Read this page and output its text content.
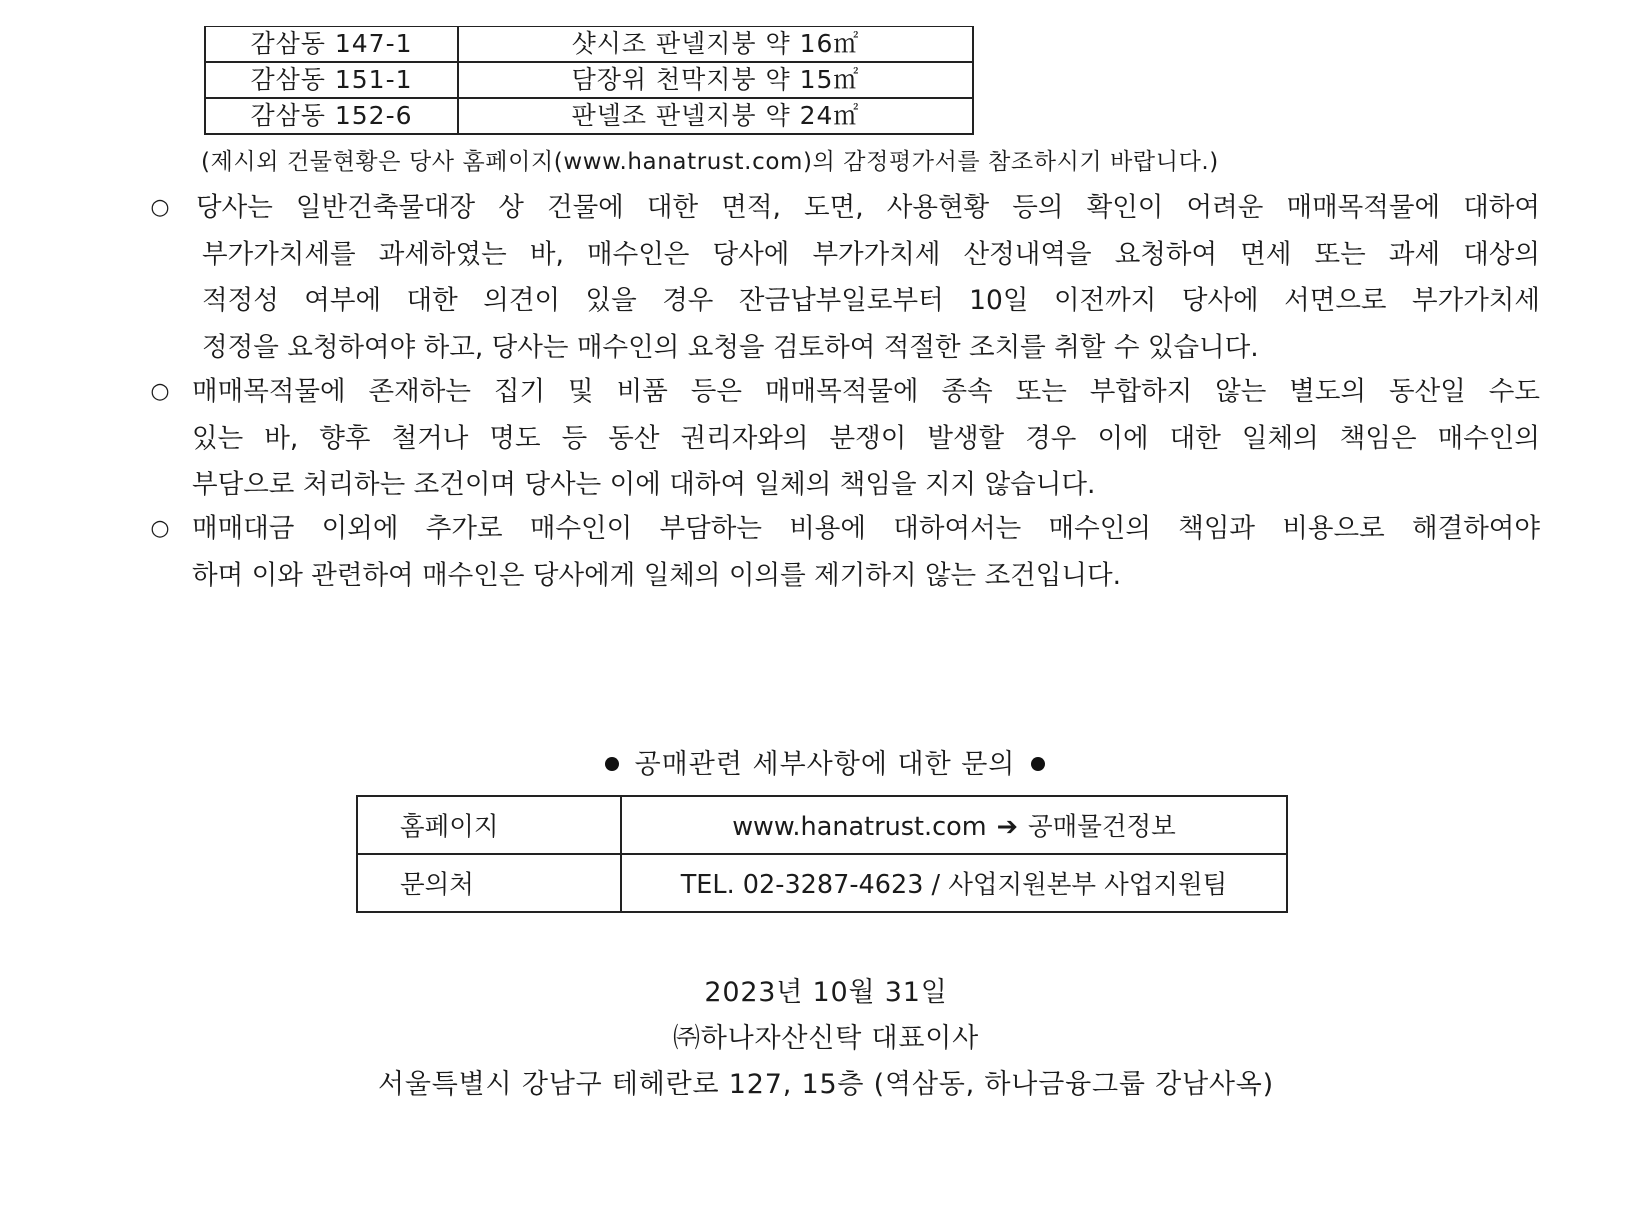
감삼동 147-1	샷시조 판넬지붕 약 16㎡
감삼동 151-1	담장위 천막지붕 약 15㎡
감삼동 152-6	판넬조 판넬지붕 약 24㎡
(제시외 건물현황은 당사 홈페이지(www.hanatrust.com)의 감정평가서를 참조하시기 바랍니다.)
○ 당사는 일반건축물대장 상 건물에 대한 면적, 도면, 사용현황 등의 확인이 어려운 매매목적물에 대하여
부가가치세를 과세하였는 바, 매수인은 당사에 부가가치세 산정내역을 요청하여 면세 또는 과세 대상의
적정성 여부에 대한 의견이 있을 경우 잔금납부일로부터 10일 이전까지 당사에 서면으로 부가가치세
정정을 요청하여야 하고, 당사는 매수인의 요청을 검토하여 적절한 조치를 취할 수 있습니다.
○ 매매목적물에 존재하는 집기 및 비품 등은 매매목적물에 종속 또는 부합하지 않는 별도의 동산일 수도
있는 바, 향후 철거나 명도 등 동산 권리자와의 분쟁이 발생할 경우 이에 대한 일체의 책임은 매수인의
부담으로 처리하는 조건이며 당사는 이에 대하여 일체의 책임을 지지 않습니다.
○ 매매대금 이외에 추가로 매수인이 부담하는 비용에 대하여서는 매수인의 책임과 비용으로 해결하여야
하며 이와 관련하여 매수인은 당사에게 일체의 이의를 제기하지 않는 조건입니다.
공매관련 세부사항에 대한 문의
홈페이지	www.hanatrust.com ➔ 공매물건정보
문의처	TEL. 02-3287-4623 / 사업지원본부 사업지원팀
2023년 10월 31일
㈜하나자산신탁 대표이사
서울특별시 강남구 테헤란로 127, 15층 (역삼동, 하나금융그룹 강남사옥)
